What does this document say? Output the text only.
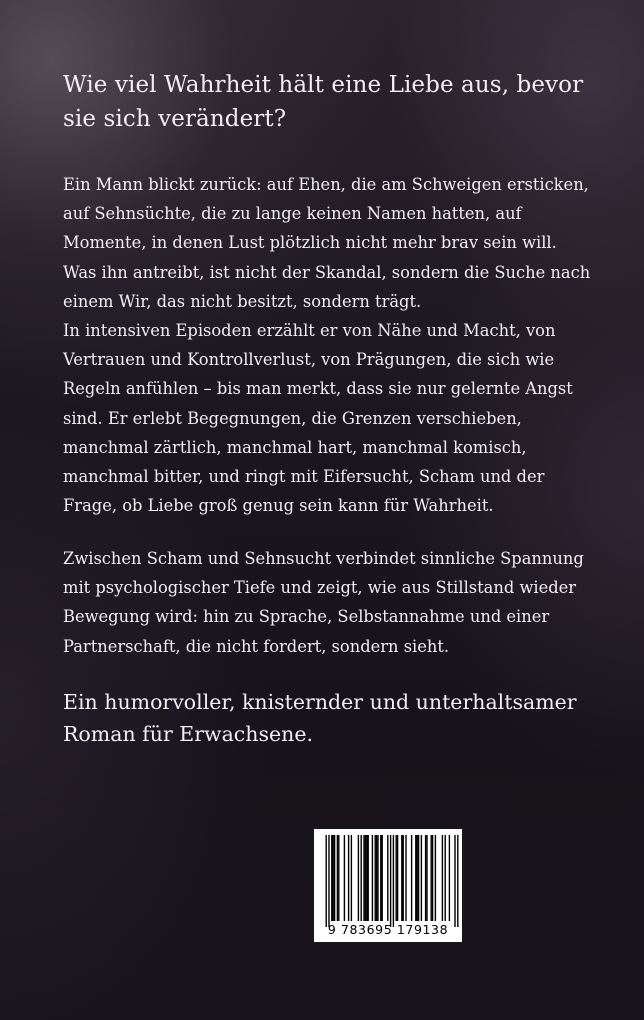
Wie viel Wahrheit hält eine Liebe aus, bevor sie sich verändert?
Ein Mann blickt zurück: auf Ehen, die am Schweigen ersticken,
auf Sehnsüchte, die zu lange keinen Namen hatten, auf
Momente, in denen Lust plötzlich nicht mehr brav sein will.
Was ihn antreibt, ist nicht der Skandal, sondern die Suche nach
einem Wir, das nicht besitzt, sondern trägt.
In intensiven Episoden erzählt er von Nähe und Macht, von
Vertrauen und Kontrollverlust, von Prägungen, die sich wie
Regeln anfühlen – bis man merkt, dass sie nur gelernte Angst
sind. Er erlebt Begegnungen, die Grenzen verschieben,
manchmal zärtlich, manchmal hart, manchmal komisch,
manchmal bitter, und ringt mit Eifersucht, Scham und der
Frage, ob Liebe groß genug sein kann für Wahrheit.
Zwischen Scham und Sehnsucht verbindet sinnliche Spannung
mit psychologischer Tiefe und zeigt, wie aus Stillstand wieder
Bewegung wird: hin zu Sprache, Selbstannahme und einer
Partnerschaft, die nicht fordert, sondern sieht.
Ein humorvoller, knisternder und unterhaltsamer
Roman für Erwachsene.
9 783695 179138
